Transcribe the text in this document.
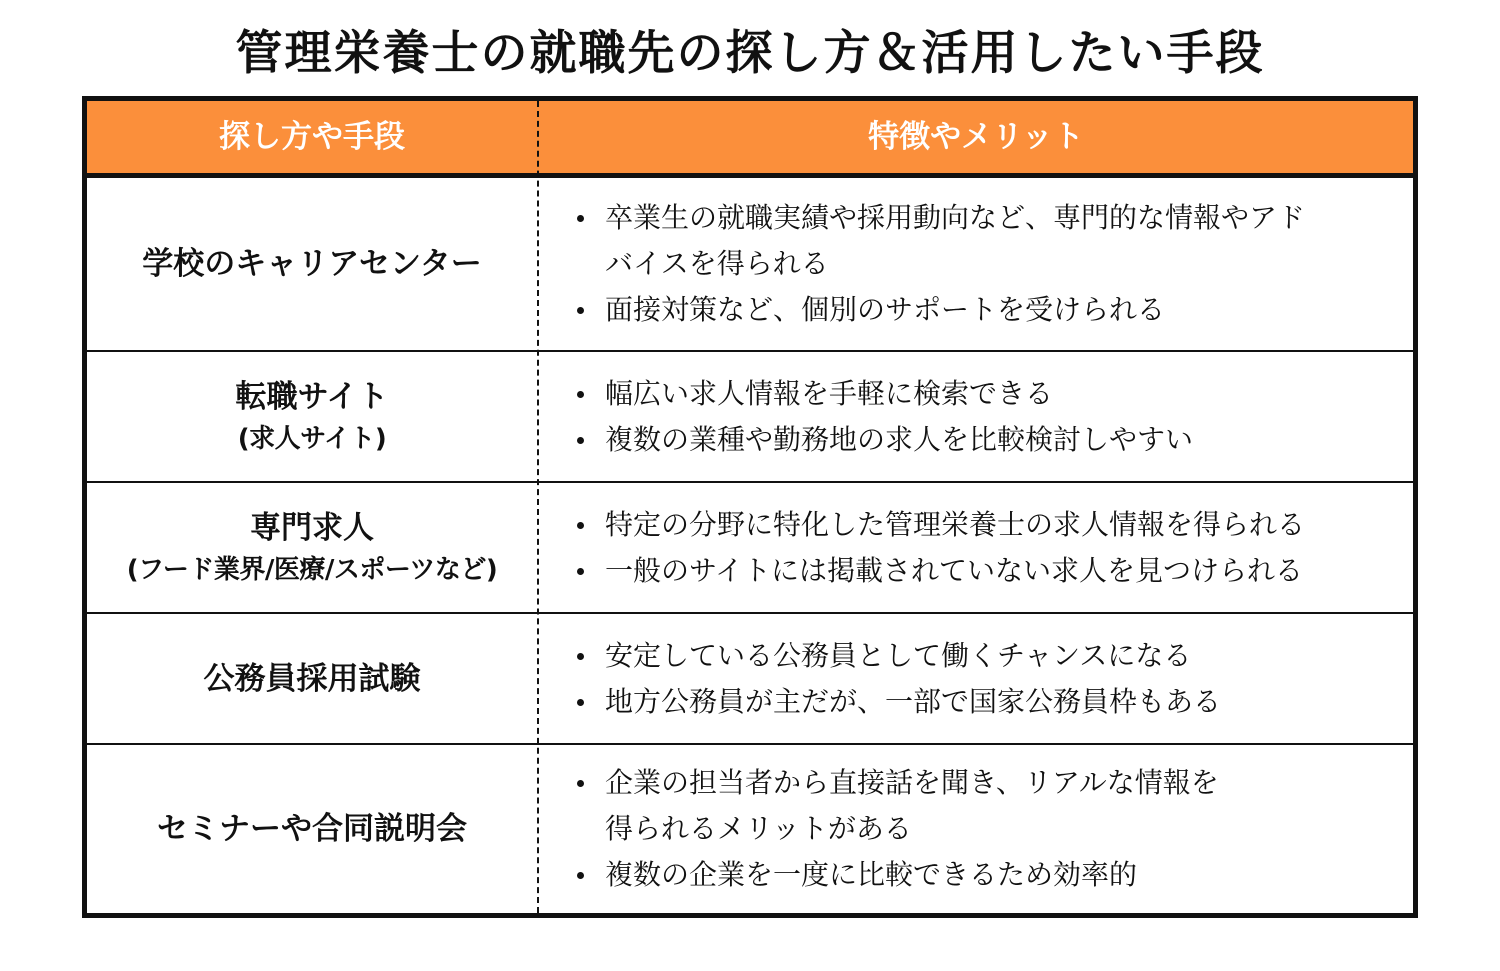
管理栄養士の就職先の探し方＆活用したい手段
探し方や手段	特徴やメリット
学校のキャリアセンター
卒業生の就職実績や採用動向など、専門的な情報やアド
バイスを得られる
面接対策など、個別のサポートを受けられる
転職サイト
(求人サイト)
幅広い求人情報を手軽に検索できる
複数の業種や勤務地の求人を比較検討しやすい
専門求人
(フード業界/医療/スポーツなど)
特定の分野に特化した管理栄養士の求人情報を得られる
一般のサイトには掲載されていない求人を見つけられる
公務員採用試験
安定している公務員として働くチャンスになる
地方公務員が主だが、一部で国家公務員枠もある
セミナーや合同説明会
企業の担当者から直接話を聞き、リアルな情報を
得られるメリットがある
複数の企業を一度に比較できるため効率的
